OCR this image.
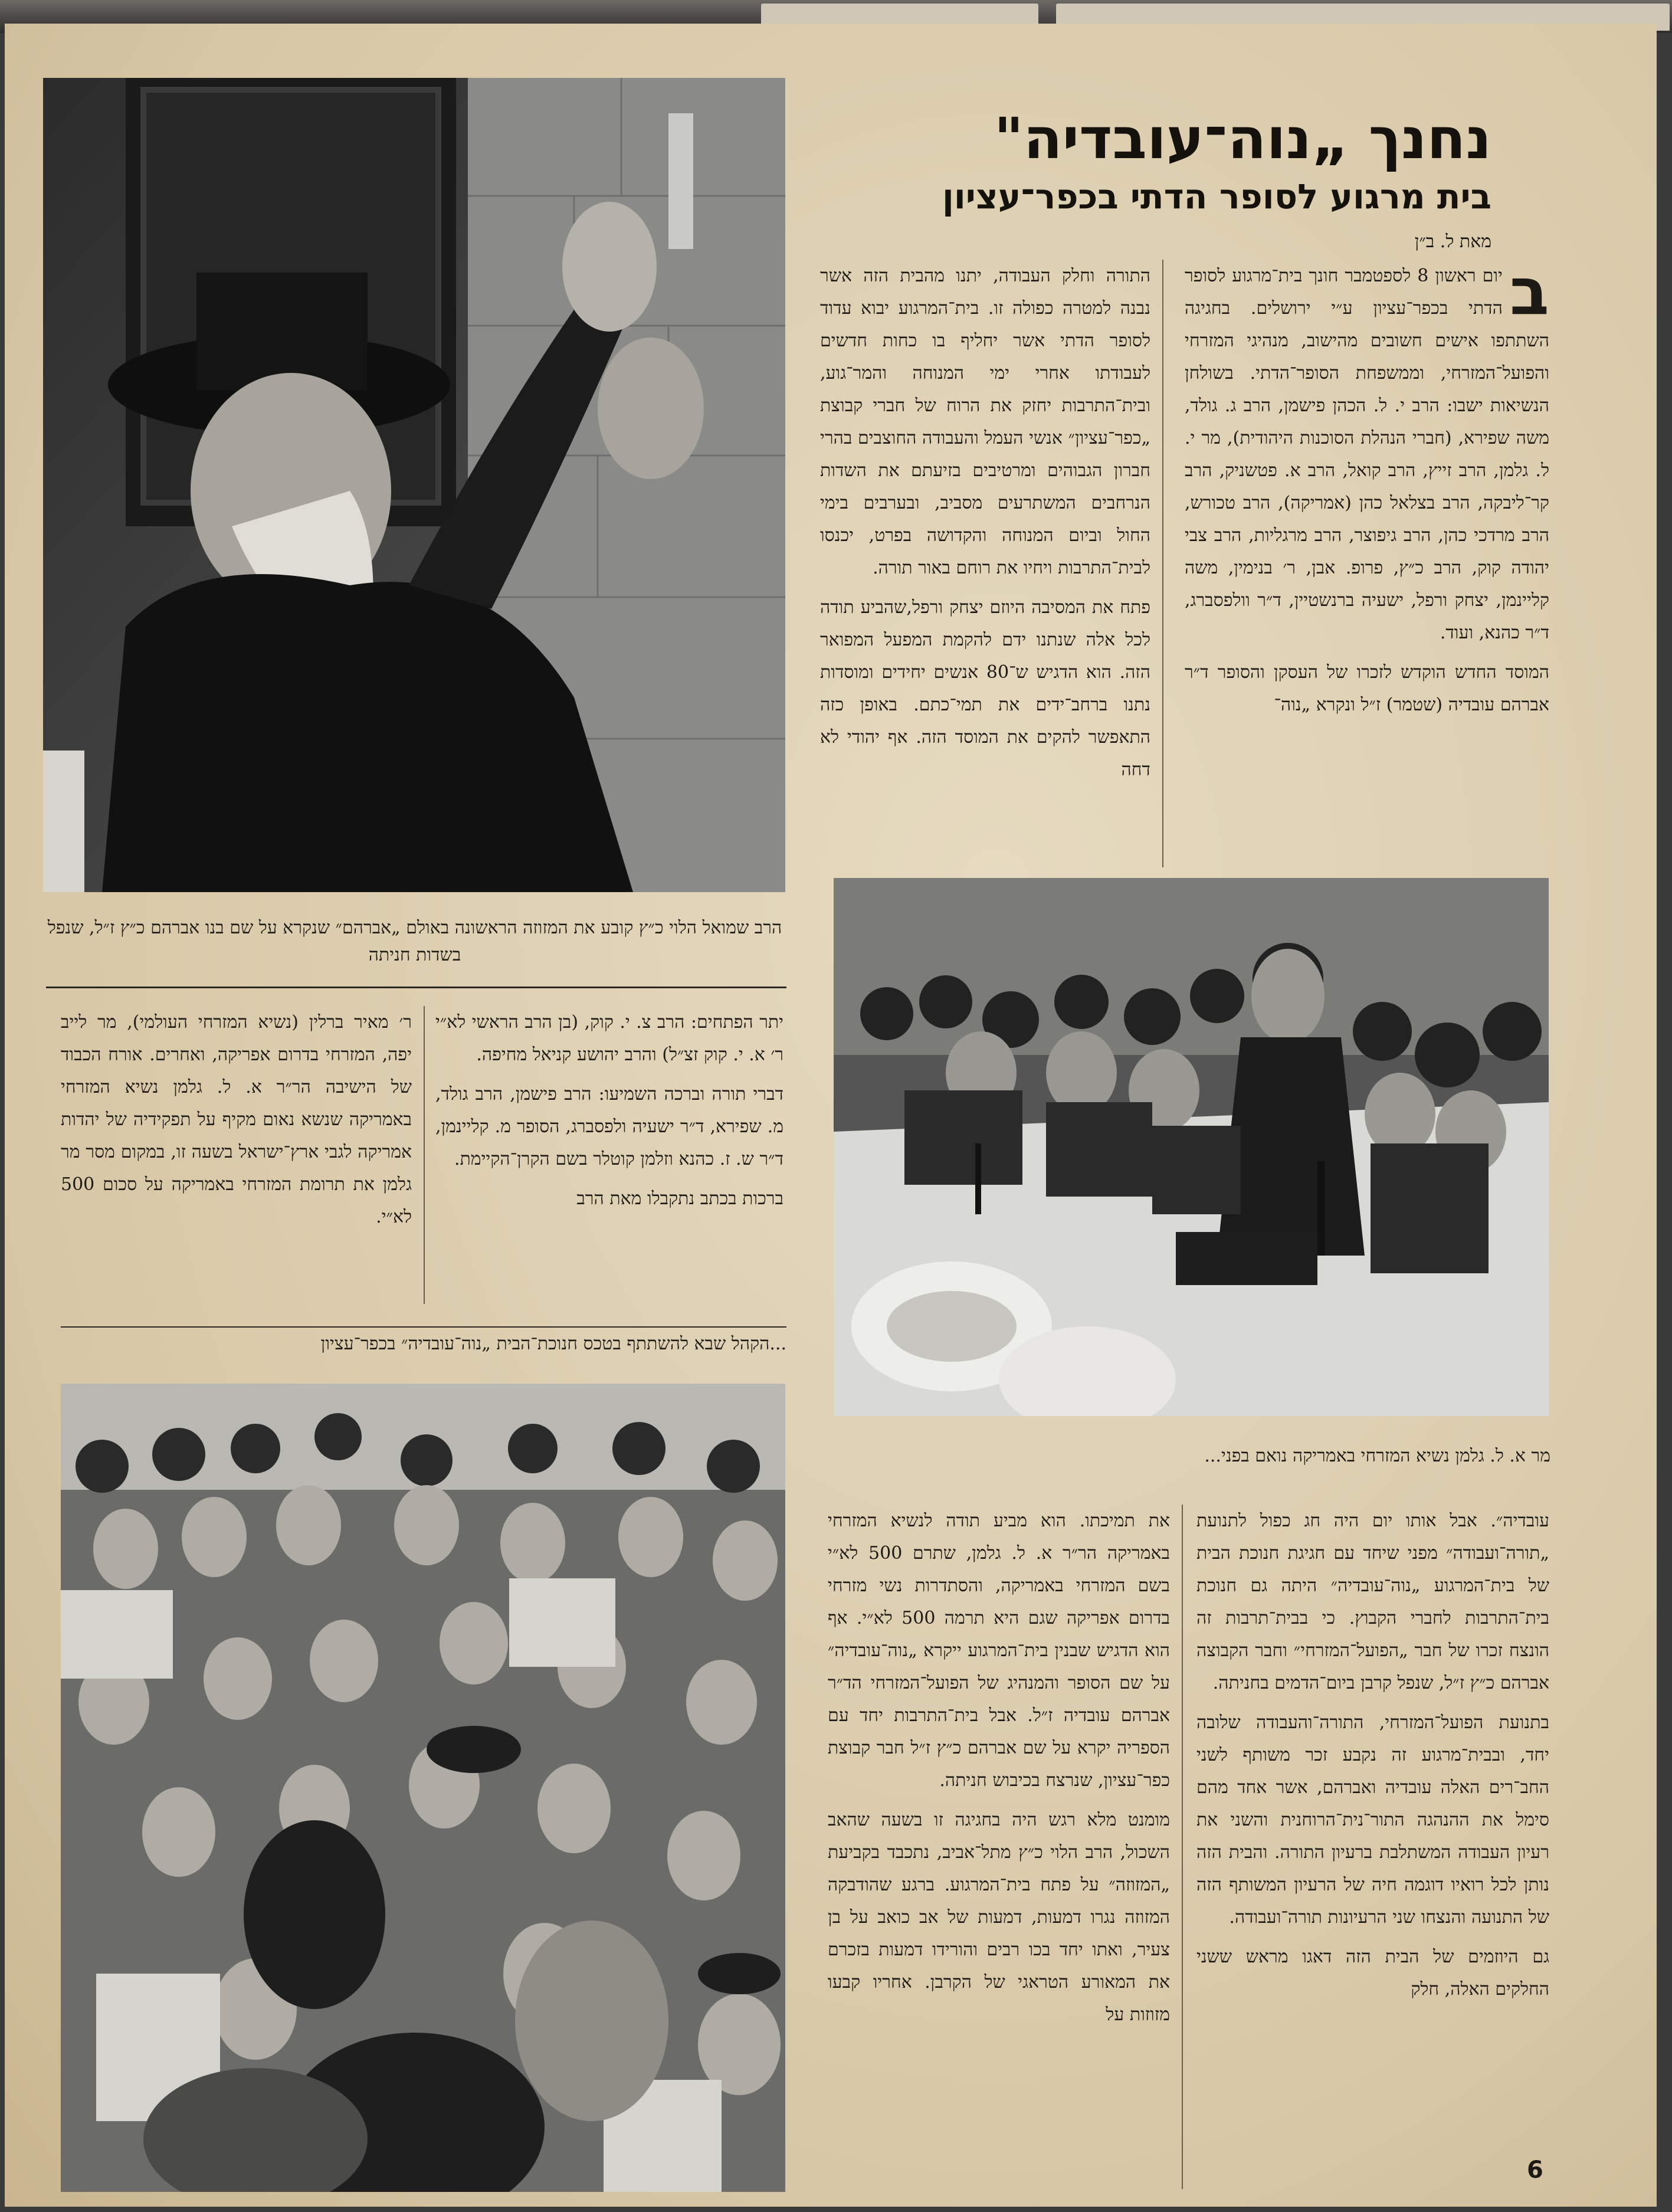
נחנך „נוה־עובדיה"
בית מרגוע לסופר הדתי בכפר־עציון
מאת ל. ב״ן
הרב שמואל הלוי כ״ץ קובע את המזוזה הראשונה באולם „אברהם״ שנקרא על שם בנו אברהם כ״ץ ז״ל, שנפל בשדות חניתה
מר א. ל. גלמן נשיא המזרחי באמריקה נואם בפני...
...הקהל שבא להשתתף בטכס חנוכת־הבית „נוה־עובדיה״ בכפר־עציון
ב

יום ראשון 8 לספטמבר חונך בית־מרגוע לסופר הדתי בכפר־עציון ע״י ירושלים. בחגיגה השתתפו אישים חשובים מהישוב, מנהיגי המזרחי והפועל־המזרחי, וממשפחת הסופר־הדתי. בשולחן הנשיאות ישבו: הרב י. ל. הכהן פישמן, הרב ג. גולד, משה שפירא, (חברי הנהלת הסוכנות היהודית), מר י. ל. גלמן, הרב זייץ, הרב קואל, הרב א. פטשניק, הרב קר־ליבקה, הרב בצלאל כהן (אמריקה), הרב טכורש, הרב מרדכי כהן, הרב גיפוצר, הרב מרגליות, הרב צבי יהודה קוק, הרב כ״ץ, פרופ. אבן, ר׳ בנימין, משה קליינמן, יצחק ורפל, ישעיה ברנשטיין, ד״ר וולפסברג, ד״ר כהנא, ועוד.

המוסד החדש הוקדש לזכרו של העסקן והסופר ד״ר אברהם עובדיה (שטמר) ז״ל ונקרא „נוה־

התורה וחלק העבודה, יתנו מהבית הזה אשר נבנה למטרה כפולה זו. בית־המרגוע יבוא עדוד לסופר הדתי אשר יחליף בו כחות חדשים לעבודתו אחרי ימי המנוחה והמר־גוע, ובית־התרבות יחזק את הרוח של חברי קבוצת „כפר־עציון״ אנשי העמל והעבודה החוצבים בהרי חברון הגבוהים ומרטיבים בזיעתם את השדות הנרחבים המשתרעים מסביב, ובערבים בימי החול וביום המנוחה והקדושה בפרט, יכנסו לבית־התרבות ויחיו את רוחם באור תורה.

פתח את המסיבה היוזם יצחק ורפל,שהביע תודה לכל אלה שנתנו ידם להקמת המפעל המפואר הזה. הוא הדגיש ש־80 אנשים יחידים ומוסדות נתנו ברחב־ידים את תמי־כתם. באופן כזה התאפשר להקים את המוסד הזה. אף יהודי לא דחה

יתר הפתחים: הרב צ. י. קוק, (בן הרב הראשי לא״י ר׳ א. י. קוק זצ״ל) והרב יהושע קניאל מחיפה.

דברי תורה וברכה השמיעו: הרב פישמן, הרב גולד, מ. שפירא, ד״ר ישעיה ולפסברג, הסופר מ. קליינמן, ד״ר ש. ז. כהנא וזלמן קוטלר בשם הקרן־הקיימת.

ברכות בכתב נתקבלו מאת הרב

ר׳ מאיר ברלין (נשיא המזרחי העולמי), מר לייב יפה, המזרחי בדרום אפריקה, ואחרים. אורח הכבוד של הישיבה הר״ר א. ל. גלמן נשיא המזרחי באמריקה שנשא נאום מקיף על תפקידיה של יהדות אמריקה לגבי ארץ־ישראל בשעה זו, במקום מסר מר גלמן את תרומת המזרחי באמריקה על סכום 500 לא״י.

עובדיה״. אבל אותו יום היה חג כפול לתנועת „תורה־ועבודה״ מפני שיחד עם חגיגת חנוכת הבית של בית־המרגוע „נוה־עובדיה״ היתה גם חנוכת בית־התרבות לחברי הקבוץ. כי בבית־תרבות זה הונצח זכרו של חבר „הפועל־המזרחי״ וחבר הקבוצה אברהם כ״ץ ז״ל, שנפל קרבן ביום־הדמים בחניתה.

בתנועת הפועל־המזרחי, התורה־והעבודה שלובה יחד, ובבית־מרגוע זה נקבע זכר משותף לשני החב־רים האלה עובדיה ואברהם, אשר אחד מהם סימל את ההנהגה התור־נית־הרוחנית והשני את רעיון העבודה המשתלבת ברעיון התורה. והבית הזה נותן לכל רואיו דוגמה חיה של הרעיון המשותף הזה של התנועה והנצחו שני הרעיונות תורה־ועבודה.

גם היוזמים של הבית הזה דאגו מראש ששני החלקים האלה, חלק

את תמיכתו. הוא מביע תודה לנשיא המזרחי באמריקה הר״ר א. ל. גלמן, שתרם 500 לא״י בשם המזרחי באמריקה, והסתדרות נשי מזרחי בדרום אפריקה שגם היא תרמה 500 לא״י. אף הוא הדגיש שבנין בית־המרגוע ייקרא „נוה־עובדיה״ על שם הסופר והמנהיג של הפועל־המזרחי הד״ר אברהם עובדיה ז״ל. אבל בית־התרבות יחד עם הספריה יקרא על שם אברהם כ״ץ ז״ל חבר קבוצת כפר־עציון, שנרצח בכיבוש חניתה.

מומנט מלא רגש היה בחגיגה זו בשעה שהאב השכול, הרב הלוי כ״ץ מתל־אביב, נתכבד בקביעת „המזוזה״ על פתח בית־המרגוע. ברגע שהודבקה המזוזה נגרו דמעות, דמעות של אב כואב על בן צעיר, ואתו יחד בכו רבים והורידו דמעות בזכרם את המאורע הטראגי של הקרבן. אחריו קבעו מזוזות על

6
